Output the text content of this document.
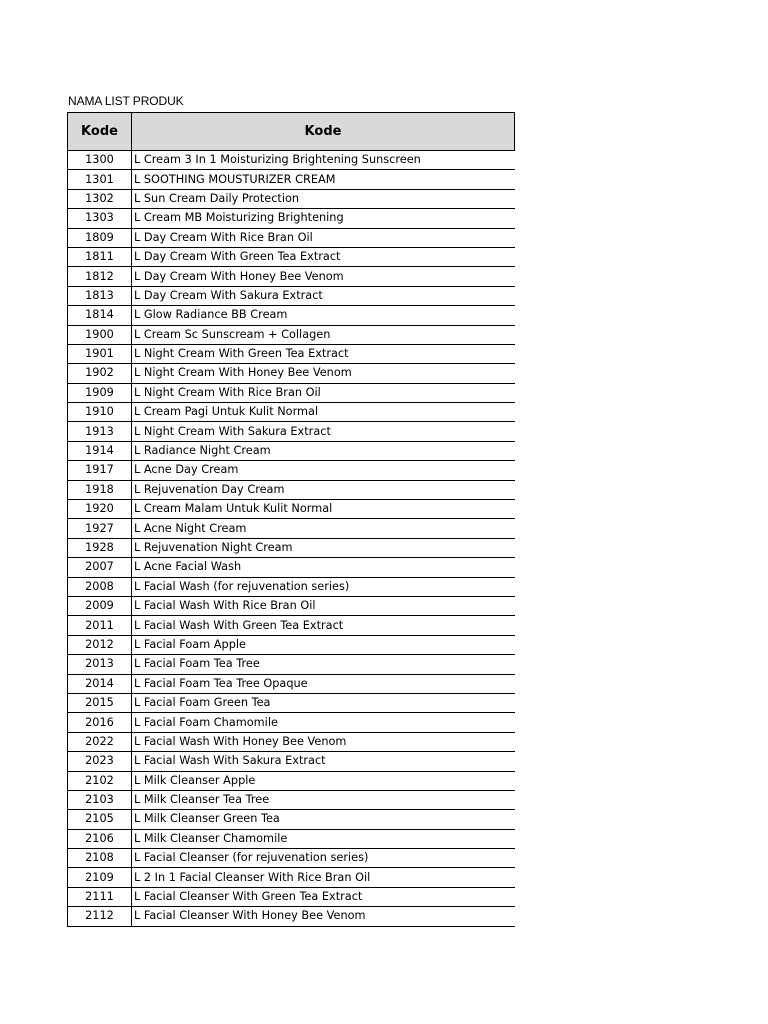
NAMA LIST PRODUK
Kode	Kode
1300	L Cream 3 In 1 Moisturizing Brightening Sunscreen
1301	L SOOTHING MOUSTURIZER CREAM
1302	L Sun Cream Daily Protection
1303	L Cream MB Moisturizing Brightening
1809	L Day Cream With Rice Bran Oil
1811	L Day Cream With Green Tea Extract
1812	L Day Cream With Honey Bee Venom
1813	L Day Cream With Sakura Extract
1814	L Glow Radiance BB Cream
1900	L Cream Sc Sunscream + Collagen
1901	L Night Cream With Green Tea Extract
1902	L Night Cream With Honey Bee Venom
1909	L Night Cream With Rice Bran Oil
1910	L Cream Pagi Untuk Kulit Normal
1913	L Night Cream With Sakura Extract
1914	L Radiance Night Cream
1917	L Acne Day Cream
1918	L Rejuvenation Day Cream
1920	L Cream Malam Untuk Kulit Normal
1927	L Acne Night Cream
1928	L Rejuvenation Night Cream
2007	L Acne Facial Wash
2008	L Facial Wash (for rejuvenation series)
2009	L Facial Wash With Rice Bran Oil
2011	L Facial Wash With Green Tea Extract
2012	L Facial Foam Apple
2013	L Facial Foam Tea Tree
2014	L Facial Foam Tea Tree Opaque
2015	L Facial Foam Green Tea
2016	L Facial Foam Chamomile
2022	L Facial Wash With Honey Bee Venom
2023	L Facial Wash With Sakura Extract
2102	L Milk Cleanser Apple
2103	L Milk Cleanser Tea Tree
2105	L Milk Cleanser Green Tea
2106	L Milk Cleanser Chamomile
2108	L Facial Cleanser (for rejuvenation series)
2109	L 2 In 1 Facial Cleanser With Rice Bran Oil
2111	L Facial Cleanser With Green Tea Extract
2112	L Facial Cleanser With Honey Bee Venom
